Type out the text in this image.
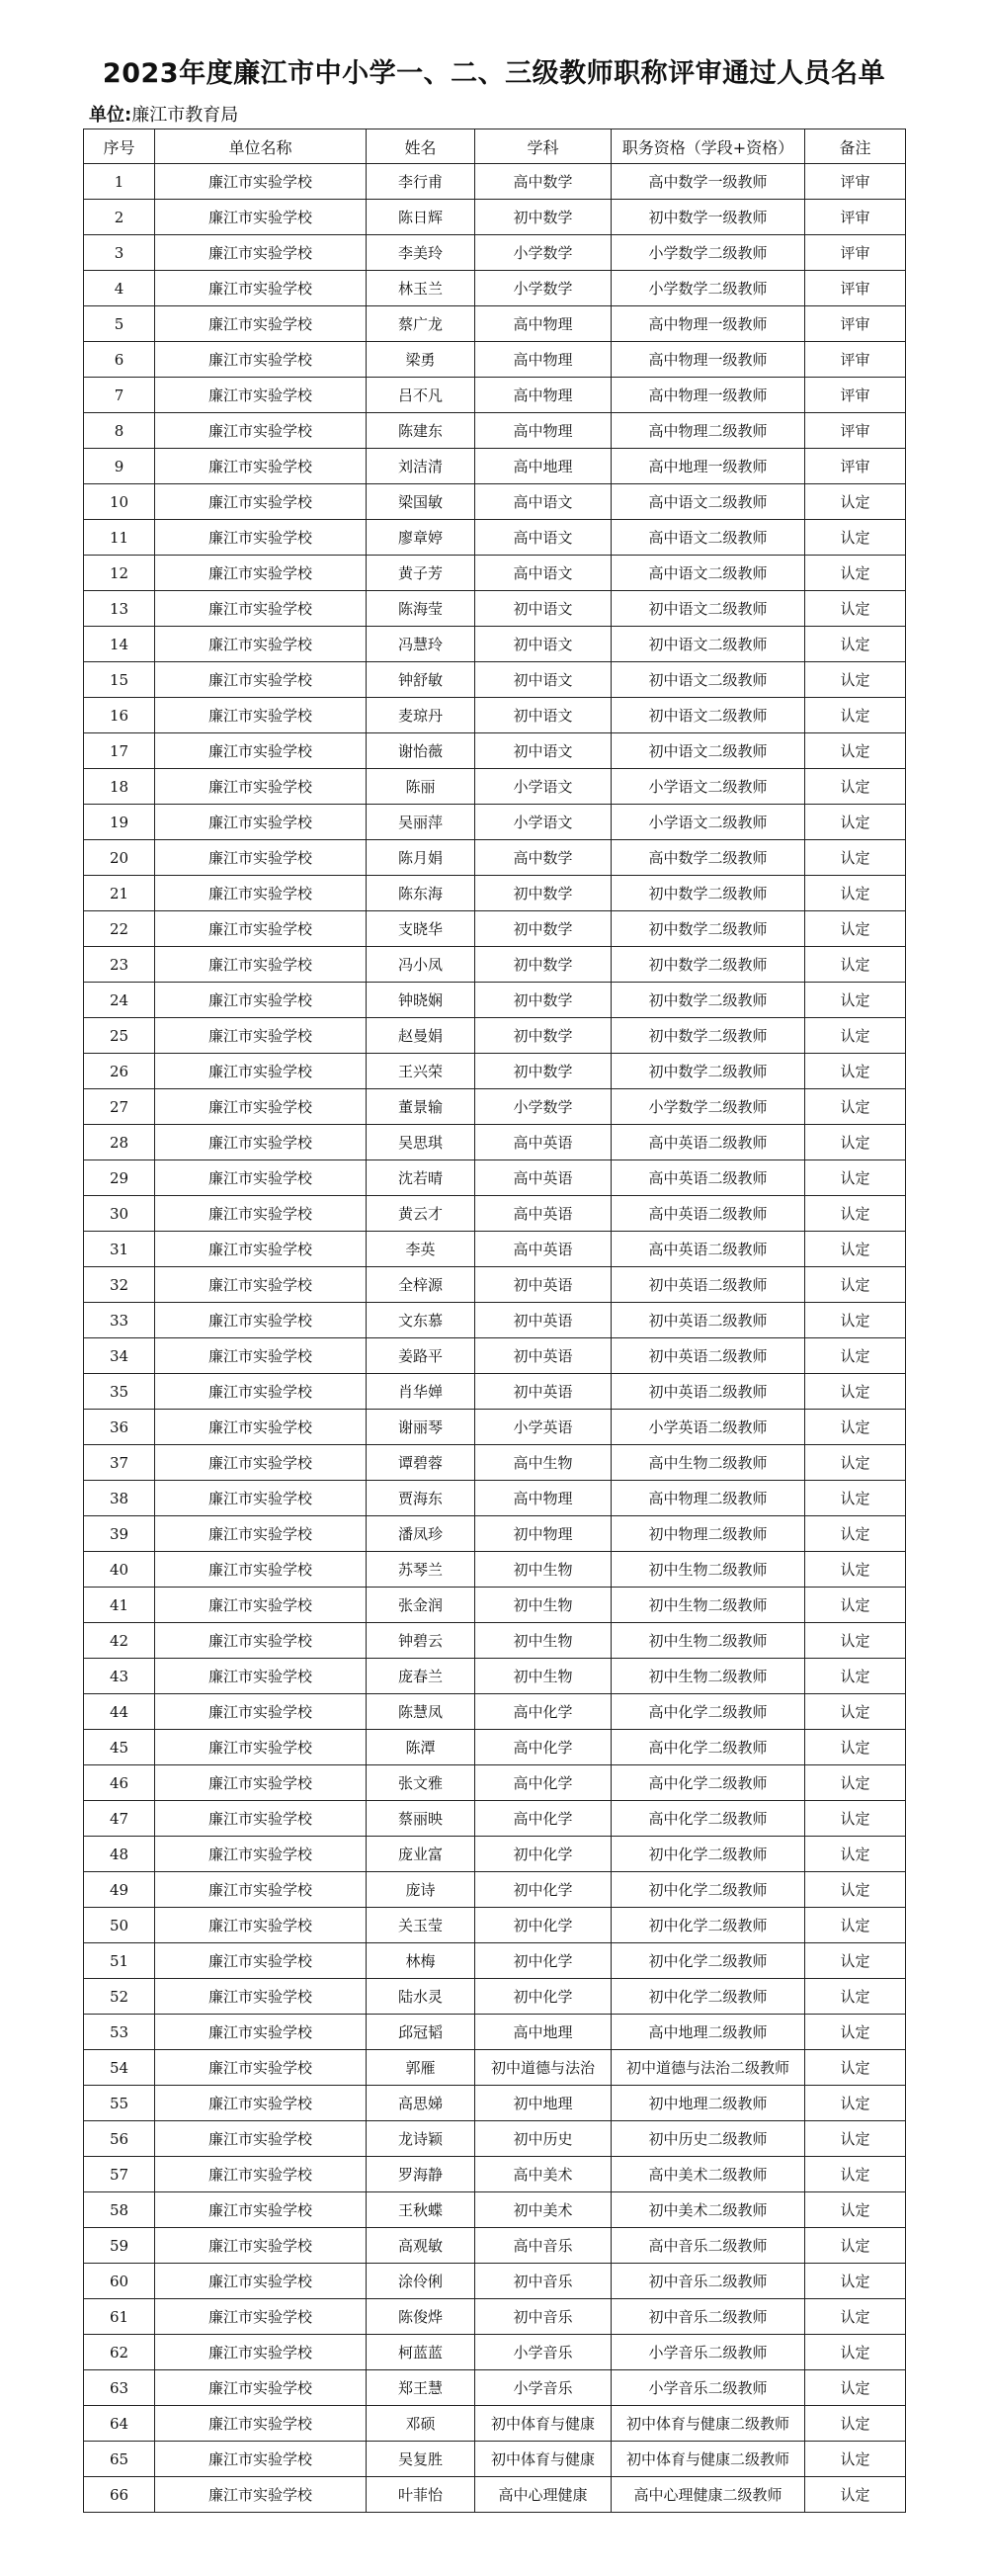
2023年度廉江市中小学一、二、三级教师职称评审通过人员名单
单位:廉江市教育局
序号	单位名称	姓名	学科	职务资格（学段+资格）	备注
1	廉江市实验学校	李行甫	高中数学	高中数学一级教师	评审
2	廉江市实验学校	陈日辉	初中数学	初中数学一级教师	评审
3	廉江市实验学校	李美玲	小学数学	小学数学二级教师	评审
4	廉江市实验学校	林玉兰	小学数学	小学数学二级教师	评审
5	廉江市实验学校	蔡广龙	高中物理	高中物理一级教师	评审
6	廉江市实验学校	梁勇	高中物理	高中物理一级教师	评审
7	廉江市实验学校	吕不凡	高中物理	高中物理一级教师	评审
8	廉江市实验学校	陈建东	高中物理	高中物理二级教师	评审
9	廉江市实验学校	刘洁清	高中地理	高中地理一级教师	评审
10	廉江市实验学校	梁国敏	高中语文	高中语文二级教师	认定
11	廉江市实验学校	廖章婷	高中语文	高中语文二级教师	认定
12	廉江市实验学校	黄子芳	高中语文	高中语文二级教师	认定
13	廉江市实验学校	陈海莹	初中语文	初中语文二级教师	认定
14	廉江市实验学校	冯慧玲	初中语文	初中语文二级教师	认定
15	廉江市实验学校	钟舒敏	初中语文	初中语文二级教师	认定
16	廉江市实验学校	麦琼丹	初中语文	初中语文二级教师	认定
17	廉江市实验学校	谢怡薇	初中语文	初中语文二级教师	认定
18	廉江市实验学校	陈丽	小学语文	小学语文二级教师	认定
19	廉江市实验学校	吴丽萍	小学语文	小学语文二级教师	认定
20	廉江市实验学校	陈月娟	高中数学	高中数学二级教师	认定
21	廉江市实验学校	陈东海	初中数学	初中数学二级教师	认定
22	廉江市实验学校	支晓华	初中数学	初中数学二级教师	认定
23	廉江市实验学校	冯小凤	初中数学	初中数学二级教师	认定
24	廉江市实验学校	钟晓娴	初中数学	初中数学二级教师	认定
25	廉江市实验学校	赵曼娟	初中数学	初中数学二级教师	认定
26	廉江市实验学校	王兴荣	初中数学	初中数学二级教师	认定
27	廉江市实验学校	董景输	小学数学	小学数学二级教师	认定
28	廉江市实验学校	吴思琪	高中英语	高中英语二级教师	认定
29	廉江市实验学校	沈若晴	高中英语	高中英语二级教师	认定
30	廉江市实验学校	黄云才	高中英语	高中英语二级教师	认定
31	廉江市实验学校	李英	高中英语	高中英语二级教师	认定
32	廉江市实验学校	全梓源	初中英语	初中英语二级教师	认定
33	廉江市实验学校	文东慕	初中英语	初中英语二级教师	认定
34	廉江市实验学校	姜路平	初中英语	初中英语二级教师	认定
35	廉江市实验学校	肖华婵	初中英语	初中英语二级教师	认定
36	廉江市实验学校	谢丽琴	小学英语	小学英语二级教师	认定
37	廉江市实验学校	谭碧蓉	高中生物	高中生物二级教师	认定
38	廉江市实验学校	贾海东	高中物理	高中物理二级教师	认定
39	廉江市实验学校	潘凤珍	初中物理	初中物理二级教师	认定
40	廉江市实验学校	苏琴兰	初中生物	初中生物二级教师	认定
41	廉江市实验学校	张金润	初中生物	初中生物二级教师	认定
42	廉江市实验学校	钟碧云	初中生物	初中生物二级教师	认定
43	廉江市实验学校	庞春兰	初中生物	初中生物二级教师	认定
44	廉江市实验学校	陈慧凤	高中化学	高中化学二级教师	认定
45	廉江市实验学校	陈潭	高中化学	高中化学二级教师	认定
46	廉江市实验学校	张文雅	高中化学	高中化学二级教师	认定
47	廉江市实验学校	蔡丽映	高中化学	高中化学二级教师	认定
48	廉江市实验学校	庞业富	初中化学	初中化学二级教师	认定
49	廉江市实验学校	庞诗	初中化学	初中化学二级教师	认定
50	廉江市实验学校	关玉莹	初中化学	初中化学二级教师	认定
51	廉江市实验学校	林梅	初中化学	初中化学二级教师	认定
52	廉江市实验学校	陆水灵	初中化学	初中化学二级教师	认定
53	廉江市实验学校	邱冠韬	高中地理	高中地理二级教师	认定
54	廉江市实验学校	郭雁	初中道德与法治	初中道德与法治二级教师	认定
55	廉江市实验学校	高思娣	初中地理	初中地理二级教师	认定
56	廉江市实验学校	龙诗颖	初中历史	初中历史二级教师	认定
57	廉江市实验学校	罗海静	高中美术	高中美术二级教师	认定
58	廉江市实验学校	王秋蝶	初中美术	初中美术二级教师	认定
59	廉江市实验学校	高观敏	高中音乐	高中音乐二级教师	认定
60	廉江市实验学校	涂伶俐	初中音乐	初中音乐二级教师	认定
61	廉江市实验学校	陈俊烨	初中音乐	初中音乐二级教师	认定
62	廉江市实验学校	柯蓝蓝	小学音乐	小学音乐二级教师	认定
63	廉江市实验学校	郑王慧	小学音乐	小学音乐二级教师	认定
64	廉江市实验学校	邓硕	初中体育与健康	初中体育与健康二级教师	认定
65	廉江市实验学校	吴复胜	初中体育与健康	初中体育与健康二级教师	认定
66	廉江市实验学校	叶菲怡	高中心理健康	高中心理健康二级教师	认定
